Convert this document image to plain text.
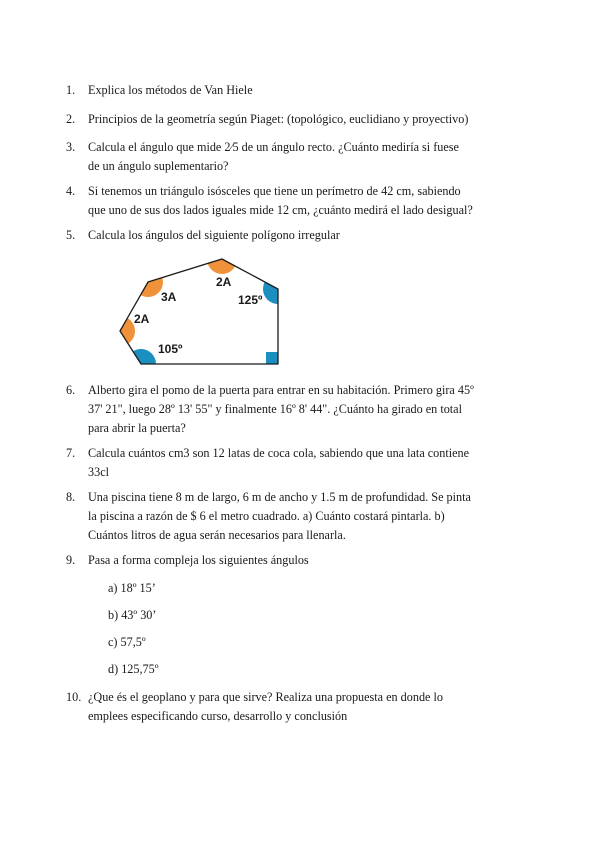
1.	Explica los métodos de Van Hiele
2.	Principios de la geometría según Piaget: (topológico, euclidiano y proyectivo)
3.	Calcula el ángulo que mide 2∕5 de un ángulo recto. ¿Cuánto mediría si fuese
de un ángulo suplementario?
4.	Si tenemos un triángulo isósceles que tiene un perímetro de 42 cm, sabiendo
que uno de sus dos lados iguales mide 12 cm, ¿cuánto medirá el lado desigual?
5.	Calcula los ángulos del siguiente polígono irregular
2A
3A
2A
125º
105º
6.	Alberto gira el pomo de la puerta para entrar en su habitación. Primero gira 45º
37' 21", luego 28º 13' 55" y finalmente 16º 8' 44". ¿Cuánto ha girado en total
para abrir la puerta?
7.	Calcula cuántos cm3 son 12 latas de coca cola, sabiendo que una lata contiene
33cl
8.	Una piscina tiene 8 m de largo, 6 m de ancho y 1.5 m de profundidad. Se pinta
la piscina a razón de $ 6 el metro cuadrado. a) Cuánto costará pintarla. b)
Cuántos litros de agua serán necesarios para llenarla.
9.	Pasa a forma compleja los siguientes ángulos
a) 18º 15’
b) 43º 30’
c) 57,5º
d) 125,75º
10. ¿Que és el geoplano y para que sirve? Realiza una propuesta en donde lo
emplees especificando curso, desarrollo y conclusión
